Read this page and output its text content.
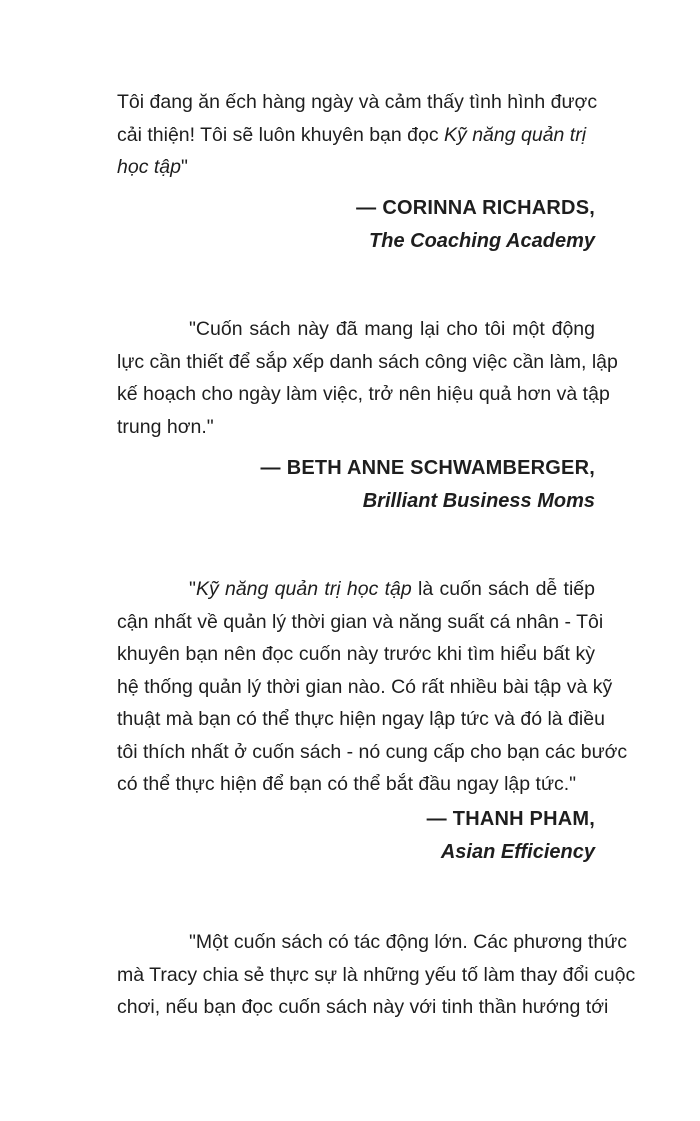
Tôi đang ăn ếch hàng ngày và cảm thấy tình hình được
cải thiện! Tôi sẽ luôn khuyên bạn đọc Kỹ năng quản trị
học tập"

— CORINNA RICHARDS,
The Coaching Academy

"Cuốn sách này đã mang lại cho tôi một động
lực cần thiết để sắp xếp danh sách công việc cần làm, lập
kế hoạch cho ngày làm việc, trở nên hiệu quả hơn và tập
trung hơn."

— BETH ANNE SCHWAMBERGER,
Brilliant Business Moms

"Kỹ năng quản trị học tập là cuốn sách dễ tiếp
cận nhất về quản lý thời gian và năng suất cá nhân - Tôi
khuyên bạn nên đọc cuốn này trước khi tìm hiểu bất kỳ
hệ thống quản lý thời gian nào. Có rất nhiều bài tập và kỹ
thuật mà bạn có thể thực hiện ngay lập tức và đó là điều
tôi thích nhất ở cuốn sách - nó cung cấp cho bạn các bước
có thể thực hiện để bạn có thể bắt đầu ngay lập tức."

— THANH PHAM,
Asian Efficiency

"Một cuốn sách có tác động lớn. Các phương thức
mà Tracy chia sẻ thực sự là những yếu tố làm thay đổi cuộc
chơi, nếu bạn đọc cuốn sách này với tinh thần hướng tới
